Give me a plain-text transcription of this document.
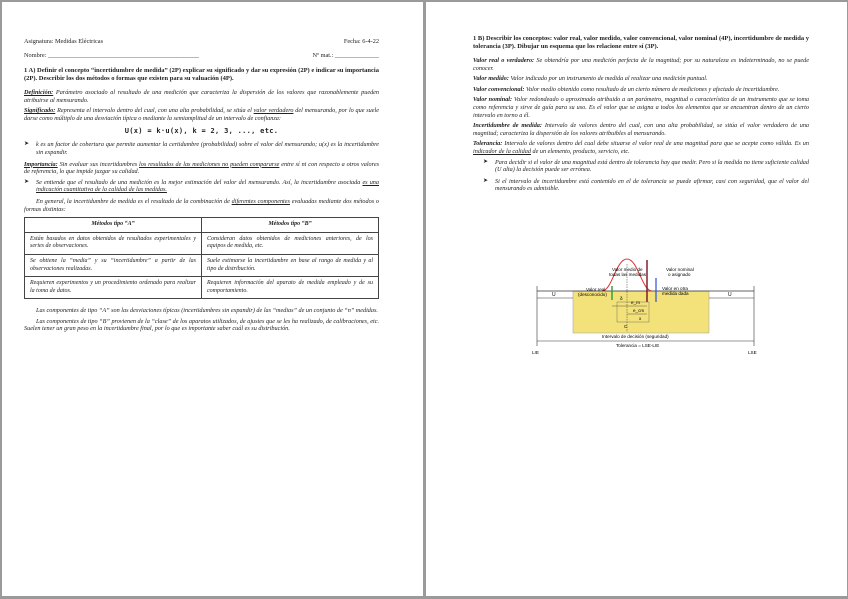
Asignatura: Medidas Eléctricas	Fecha: 6-4-22
Nombre: ________________________________________________	Nº mat.: ______________
1 A) Definir el concepto “incertidumbre de medida” (2P) explicar su significado y dar su expresión (2P) e indicar su importancia (2P). Describir los dos métodos o formas que existen para su valuación (4P).

Definición: Parámetro asociado al resultado de una medición que caracteriza la dispersión de los valores que razonablemente pueden atribuirse al mensurando.

Significado: Representa el intervalo dentro del cual, con una alta probabilidad, se sitúa el valor verdadero del mensurando, por lo que suele darse como múltiplo de una desviación típica o mediante la semiamplitud de un intervalo de confianza:

U(x) = k·u(x), k = 2, 3, ..., etc.
➤	k es un factor de cobertura que permite aumentar la certidumbre (probabilidad) sobre el valor del mensurando; u(x) es la incertidumbre sin expandir.

Importancia: Sin evaluar sus incertidumbres los resultados de las mediciones no pueden compararse entre sí ni con respecto a otros valores de referencia, lo que impide juzgar su calidad.

➤	Se entiende que el resultado de una medición es la mejor estimación del valor del mensurando. Así, la incertidumbre asociada es una indicación cuantitativa de la calidad de las medidas.

En general, la incertidumbre de medida es el resultado de la combinación de diferentes componentes evaluadas mediante dos métodos o formas distintas:

Métodos tipo “A”	Métodos tipo “B”
Están basados en datos obtenidos de resultados experimentales y series de observaciones.	Consideran datos obtenidos de mediciones anteriores, de los equipos de medida, etc.
Se obtiene la “media” y su “incertidumbre” a partir de las observaciones realizadas.	Suele estimarse la incertidumbre en base al rango de medida y al tipo de distribución.
Requieren experimentos y un procedimiento ordenado para realizar la toma de datos.	Requieren información del aparato de medida empleado y de su comportamiento.

Las componentes de tipo “A” son las desviaciones típicas (incertidumbres sin expandir) de las “medias” de un conjunto de “n” medidas.

Las componentes de tipo “B” provienen de la “clase” de los aparatos utilizados, de ajustes que se les ha realizado, de calibraciones, etc. Suelen tener un gran peso en la incertidumbre final, por lo que es importante saber cuál es su distribución.

1 B) Describir los conceptos: valor real, valor medido, valor convencional, valor nominal (4P), incertidumbre de medida y tolerancia (3P). Dibujar un esquema que los relacione entre sí (3P).

Valor real o verdadero: Se obtendría por una medición perfecta de la magnitud; por su naturaleza es indeterminado, no se puede conocer.

Valor medido: Valor indicado por un instrumento de medida al realizar una medición puntual.

Valor convencional: Valor medio obtenido como resultado de un cierto número de mediciones y afectado de incertidumbre.

Valor nominal: Valor redondeado o aproximado atribuido a un parámetro, magnitud o característica de un instrumento que se toma como referencia y sirve de guía para su uso. Es el valor que se asigna a todos los elementos que se encuentran dentro de un cierto intervalo en torno a él.

Incertidumbre de medida: Intervalo de valores dentro del cual, con una alta probabilidad, se sitúa el valor verdadero de una magnitud; caracteriza la dispersión de los valores atribuibles al mensurando.

Tolerancia: Intervalo de valores dentro del cual debe situarse el valor real de una magnitud para que se acepte como válida. Es un indicador de la calidad de un elemento, producto, servicio, etc.

➤	Para decidir si el valor de una magnitud está dentro de tolerancia hay que medir. Pero si la medida no tiene suficiente calidad (U alta) la decisión puede ser errónea.
➤	Si el intervalo de incertidumbre está contenido en el de tolerancia se puede afirmar, casi con seguridad, que el valor del mensurando es admisible.
U	U
δ
e_m
e_cm
x
C
Valor medio de
todas las medidas
Valor nominal
o asignado
Valor real
(desconocido)
Valor en otra
medida dada
Intervalo de decisión (seguridad)
Tolerancia = LSE-LIE
LIE	LSE
